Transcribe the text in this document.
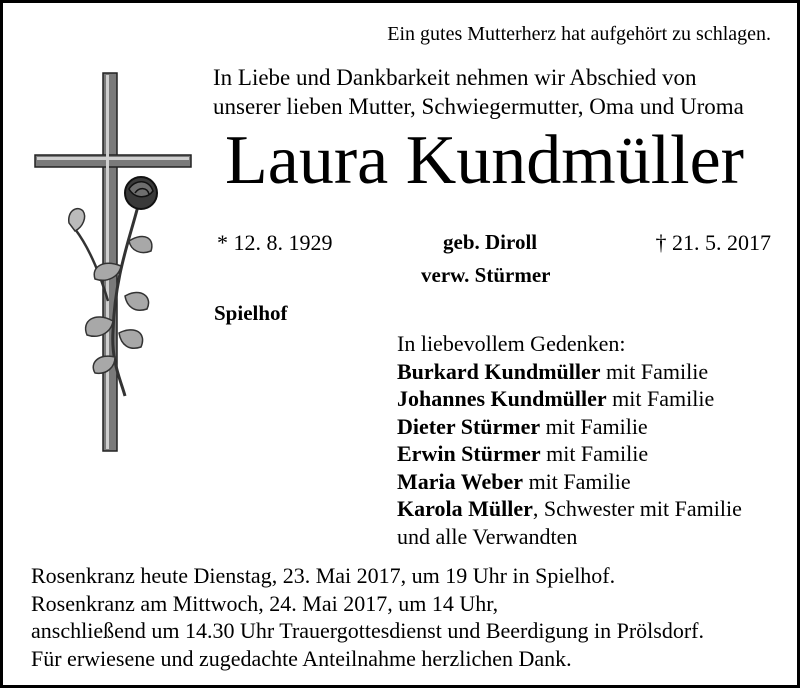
Ein gutes Mutterherz hat aufgehört zu schlagen.
In Liebe und Dankbarkeit nehmen wir Abschied von
unserer lieben Mutter, Schwiegermutter, Oma und Uroma
Laura Kundmüller
* 12. 8. 1929	geb. Diroll
verw. Stürmer
† 21. 5. 2017
Spielhof
In liebevollem Gedenken:
Burkard Kundmüller mit Familie
Johannes Kundmüller mit Familie
Dieter Stürmer mit Familie
Erwin Stürmer mit Familie
Maria Weber mit Familie
Karola Müller, Schwester mit Familie
und alle Verwandten
Rosenkranz heute Dienstag, 23. Mai 2017, um 19 Uhr in Spielhof.
Rosenkranz am Mittwoch, 24. Mai 2017, um 14 Uhr,
anschließend um 14.30 Uhr Trauergottesdienst und Beerdigung in Prölsdorf.
Für erwiesene und zugedachte Anteilnahme herzlichen Dank.
